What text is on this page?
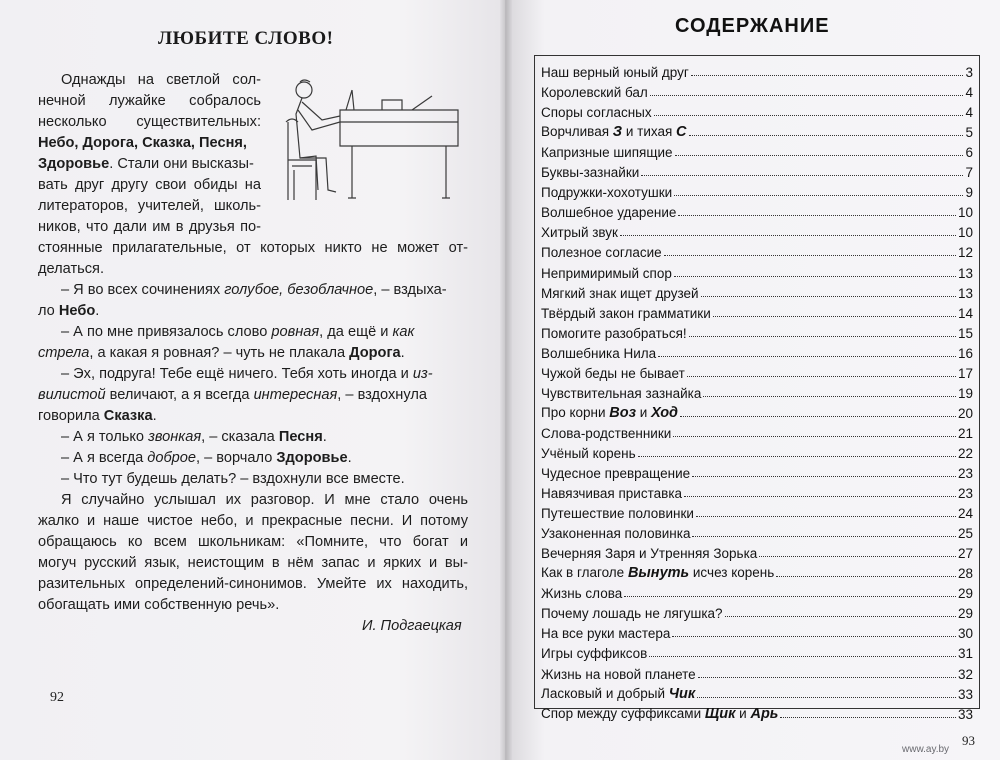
ЛЮБИТЕ СЛОВО!
Однажды на светлой сол-
нечной лужайке собралось
несколько существительных:
Небо, Дорога, Сказка, Песня,
Здоровье. Стали они высказы-
вать друг другу свои обиды на
литераторов, учителей, школь-
ников, что дали им в друзья по-
стоянные прилагательные, от которых никто не может от-
делаться.
– Я во всех сочинениях голубое, безоблачное, – вздыха-
ло Небо.
– А по мне привязалось слово ровная, да ещё и как
стрела, а какая я ровная? – чуть не плакала Дорога.
– Эх, подруга! Тебе ещё ничего. Тебя хоть иногда и из-
вилистой величают, а я всегда интересная, – вздохнула
говорила Сказка.
– А я только звонкая, – сказала Песня.
– А я всегда доброе, – ворчало Здоровье.
– Что тут будешь делать? – вздохнули все вместе.
Я случайно услышал их разговор. И мне стало очень
жалко и наше чистое небо, и прекрасные песни. И потому
обращаюсь ко всем школьникам: «Помните, что богат и
могуч русский язык, неистощим в нём запас и ярких и вы-
разительных определений-синонимов. Умейте их находить,
обогащать ими собственную речь».
И. Подгаецкая
92
СОДЕРЖАНИЕ
Наш верный юный друг	3
Королевский бал	4
Споры согласных	4
Ворчливая З и тихая С	5
Капризные шипящие	6
Буквы-зазнайки	7
Подружки-хохотушки	9
Волшебное ударение	10
Хитрый звук	10
Полезное согласие	12
Непримиримый спор	13
Мягкий знак ищет друзей	13
Твёрдый закон грамматики	14
Помогите разобраться!	15
Волшебника Нила	16
Чужой беды не бывает	17
Чувствительная зазнайка	19
Про корни Воз и Ход	20
Слова-родственники	21
Учёный корень	22
Чудесное превращение	23
Навязчивая приставка	23
Путешествие половинки	24
Узаконенная половинка	25
Вечерняя Заря и Утренняя Зорька	27
Как в глаголе Вынуть исчез корень	28
Жизнь слова	29
Почему лошадь не лягушка?	29
На все руки мастера	30
Игры суффиксов	31
Жизнь на новой планете	32
Ласковый и добрый Чик	33
Спор между суффиксами Щик и Арь	33
93
www.ay.by
